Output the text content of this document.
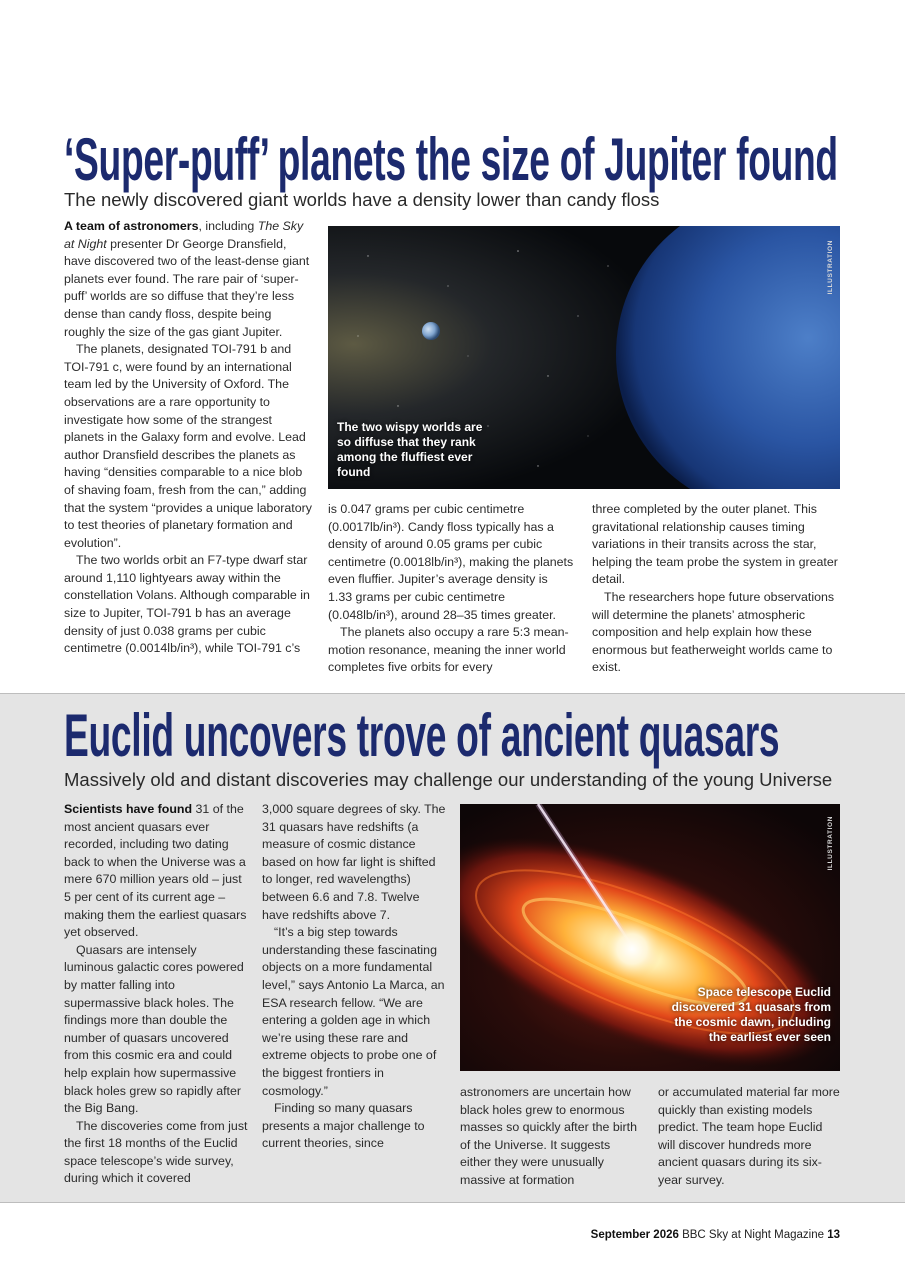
‘Super-puff’ planets the size of Jupiter found

The newly discovered giant worlds have a density lower than candy floss

A team of astronomers, including The Sky at Night presenter Dr George Dransfield, have discovered two of the least-dense giant planets ever found. The rare pair of ‘super-puff’ worlds are so diffuse that they’re less dense than candy floss, despite being roughly the size of the gas giant Jupiter.

The planets, designated TOI-791 b and TOI-791 c, were found by an international team led by the University of Oxford. The observations are a rare opportunity to investigate how some of the strangest planets in the Galaxy form and evolve. Lead author Dransfield describes the planets as having “densities comparable to a nice blob of shaving foam, fresh from the can,” adding that the system “provides a unique laboratory to test theories of planetary formation and evolution”.

The two worlds orbit an F7-type dwarf star around 1,110 lightyears away within the constellation Volans. Although comparable in size to Jupiter, TOI-791 b has an average density of just 0.038 grams per cubic centimetre (0.0014lb/in³), while TOI-791 c’s

The two wispy worlds are so diffuse that they rank among the fluffiest ever found
ILLUSTRATION

is 0.047 grams per cubic centimetre (0.0017lb/in³). Candy floss typically has a density of around 0.05 grams per cubic centimetre (0.0018lb/in³), making the planets even fluffier. Jupiter’s average density is 1.33 grams per cubic centimetre (0.048lb/in³), around 28–35 times greater.

The planets also occupy a rare 5:3 mean-motion resonance, meaning the inner world completes five orbits for every

three completed by the outer planet. This gravitational relationship causes timing variations in their transits across the star, helping the team probe the system in greater detail.

The researchers hope future observations will determine the planets’ atmospheric composition and help explain how these enormous but featherweight worlds came to exist.

Euclid uncovers trove of ancient quasars

Massively old and distant discoveries may challenge our understanding of the young Universe

Scientists have found 31 of the most ancient quasars ever recorded, including two dating back to when the Universe was a mere 670 million years old – just 5 per cent of its current age – making them the earliest quasars yet observed.

Quasars are intensely luminous galactic cores powered by matter falling into supermassive black holes. The findings more than double the number of quasars uncovered from this cosmic era and could help explain how supermassive black holes grew so rapidly after the Big Bang.

The discoveries come from just the first 18 months of the Euclid space telescope’s wide survey, during which it covered

3,000 square degrees of sky. The 31 quasars have redshifts (a measure of cosmic distance based on how far light is shifted to longer, red wavelengths) between 6.6 and 7.8. Twelve have redshifts above 7.

“It’s a big step towards understanding these fascinating objects on a more fundamental level,” says Antonio La Marca, an ESA research fellow. “We are entering a golden age in which we’re using these rare and extreme objects to probe one of the biggest frontiers in cosmology.”

Finding so many quasars presents a major challenge to current theories, since

Space telescope Euclid discovered 31 quasars from the cosmic dawn, including the earliest ever seen
ILLUSTRATION

astronomers are uncertain how black holes grew to enormous masses so quickly after the birth of the Universe. It suggests either they were unusually massive at formation

or accumulated material far more quickly than existing models predict. The team hope Euclid will discover hundreds more ancient quasars during its six-year survey.

September 2026 BBC Sky at Night Magazine 13
